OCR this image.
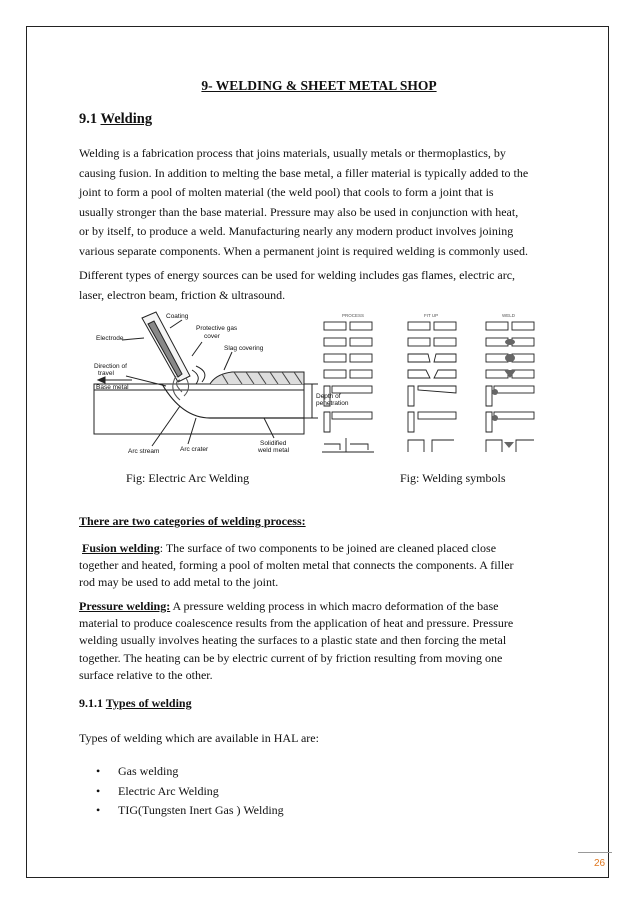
9- WELDING & SHEET METAL SHOP
9.1 Welding
Welding is a fabrication process that joins materials, usually metals or thermoplastics, by
causing fusion. In addition to melting the base metal, a filler material is typically added to the
joint to form a pool of molten material (the weld pool) that cools to form a joint that is
usually stronger than the base material. Pressure may also be used in conjunction with heat,
or by itself, to produce a weld. Manufacturing nearly any modern product involves joining
various separate components. When a permanent joint is required welding is commonly used.
Different types of energy sources can be used for welding includes gas flames, electric arc,
laser, electron beam, friction & ultrasound.
Electrode
Coating
Protective gas
cover
Slag covering
Direction of
travel
Base metal
Depth of
penetration
Arc stream	Arc crater
Solidified
weld metal
PROCESS	FIT UP	WELD
Fig: Electric Arc Welding	Fig: Welding symbols
There are two categories of welding process:
Fusion welding: The surface of two components to be joined are cleaned placed close
together and heated, forming a pool of molten metal that connects the components. A filler
rod may be used to add metal to the joint.
Pressure welding: A pressure welding process in which macro deformation of the base
material to produce coalescence results from the application of heat and pressure. Pressure
welding usually involves heating the surfaces to a plastic state and then forcing the metal
together. The heating can be by electric current of by friction resulting from moving one
surface relative to the other.
9.1.1 Types of welding
Types of welding which are available in HAL are:
• Gas welding
• Electric Arc Welding
• TIG(Tungsten Inert Gas ) Welding
26
